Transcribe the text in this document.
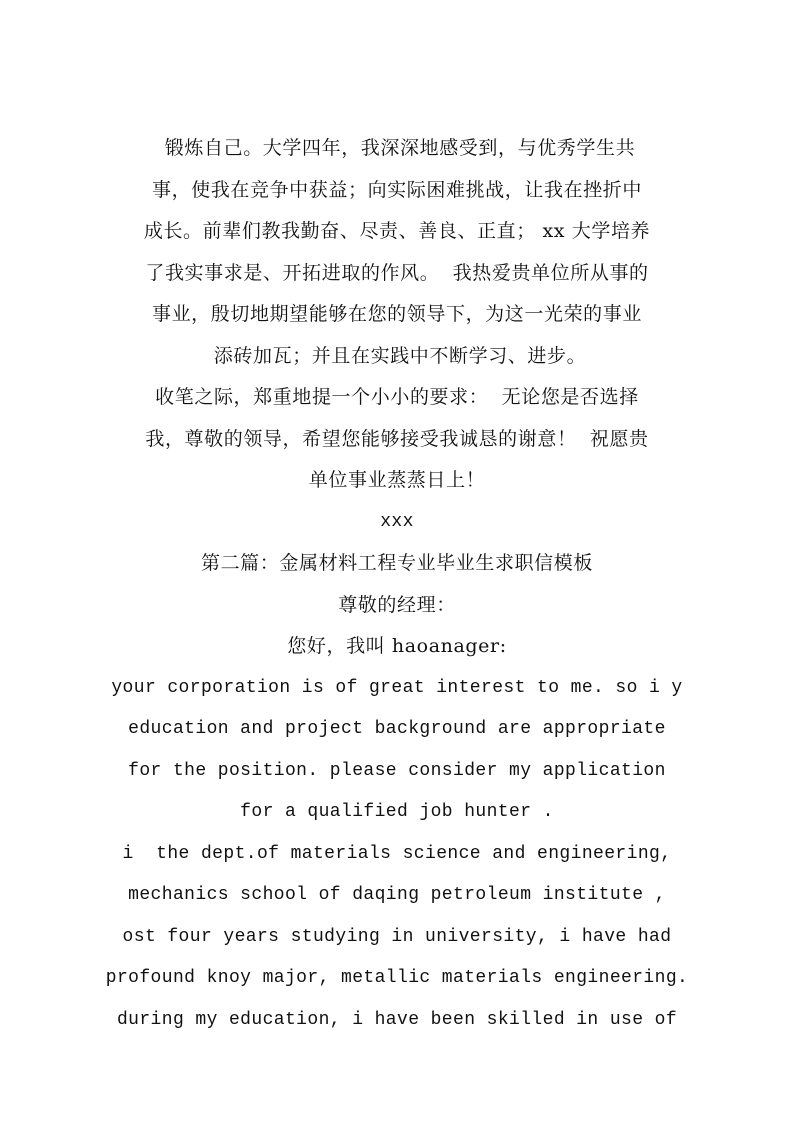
锻炼自己。大学四年，我深深地感受到，与优秀学生共
事，使我在竞争中获益；向实际困难挑战，让我在挫折中
成长。前辈们教我勤奋、尽责、善良、正直； xx 大学培养
了我实事求是、开拓进取的作风。  我热爱贵单位所从事的
事业，殷切地期望能够在您的领导下，为这一光荣的事业
添砖加瓦；并且在实践中不断学习、进步。
收笔之际，郑重地提一个小小的要求：  无论您是否选择
我，尊敬的领导，希望您能够接受我诚恳的谢意！  祝愿贵
单位事业蒸蒸日上！
xxx
第二篇：金属材料工程专业毕业生求职信模板
尊敬的经理：
您好，我叫 haoanager:
your corporation is of great interest to me. so i y
education and project background are appropriate
for the position. please consider my application
for a qualified job hunter .
i  the dept.of materials science and engineering,
mechanics school of daqing petroleum institute ,
ost four years studying in university, i have had
profound knoy major, metallic materials engineering.
during my education, i have been skilled in use of
